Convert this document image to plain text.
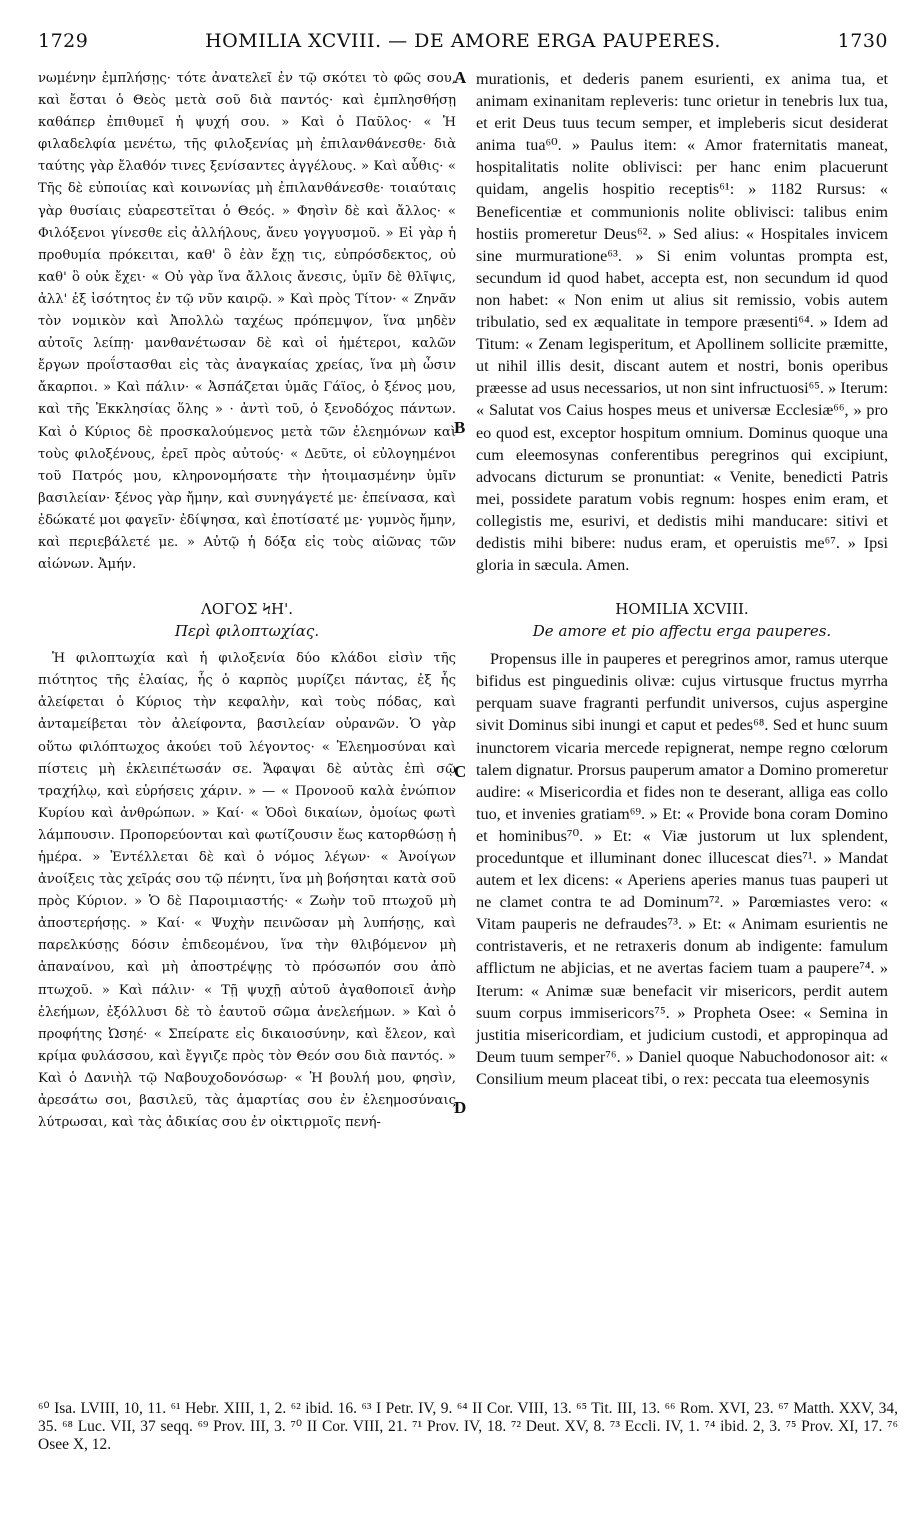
1729	HOMILIA XCVIII. — DE AMORE ERGA PAUPERES.	1730

νωμένην ἐμπλήσῃς· τότε ἀνατελεῖ ἐν τῷ σκότει τὸ φῶς σου, καὶ ἔσται ὁ Θεὸς μετὰ σοῦ διὰ παντός· καὶ ἐμπλησθήσῃ καθάπερ ἐπιθυμεῖ ἡ ψυχή σου. » Καὶ ὁ Παῦλος· « Ἡ φιλαδελφία μενέτω, τῆς φιλοξενίας μὴ ἐπιλανθάνεσθε· διὰ ταύτης γὰρ ἔλαθόν τινες ξενίσαντες ἀγγέλους. » Καὶ αὖθις· « Τῆς δὲ εὐποιίας καὶ κοινωνίας μὴ ἐπιλανθάνεσθε· τοιαύταις γὰρ θυσίαις εὐαρεστεῖται ὁ Θεός. » Φησὶν δὲ καὶ ἄλλος· « Φιλόξενοι γίνεσθε εἰς ἀλλήλους, ἄνευ γογγυσμοῦ. » Εἰ γὰρ ἡ προθυμία πρόκειται, καθ' ὃ ἐὰν ἔχῃ τις, εὐπρόσδεκτος, οὐ καθ' ὃ οὐκ ἔχει· « Οὐ γὰρ ἵνα ἄλλοις ἄνεσις, ὑμῖν δὲ θλῖψις, ἀλλ' ἐξ ἰσότητος ἐν τῷ νῦν καιρῷ. » Καὶ πρὸς Τίτον· « Ζηνᾶν τὸν νομικὸν καὶ Ἀπολλὼ ταχέως πρόπεμψον, ἵνα μηδὲν αὐτοῖς λείπῃ· μανθανέτωσαν δὲ καὶ οἱ ἡμέτεροι, καλῶν ἔργων προΐστασθαι εἰς τὰς ἀναγκαίας χρείας, ἵνα μὴ ὦσιν ἄκαρποι. » Καὶ πάλιν· « Ἀσπάζεται ὑμᾶς Γάϊος, ὁ ξένος μου, καὶ τῆς Ἐκκλησίας ὅλης » · ἀντὶ τοῦ, ὁ ξενοδόχος πάντων. Καὶ ὁ Κύριος δὲ προσκαλούμενος μετὰ τῶν ἐλεημόνων καὶ τοὺς φιλοξένους, ἐρεῖ πρὸς αὐτούς· « Δεῦτε, οἱ εὐλογημένοι τοῦ Πατρός μου, κληρονομήσατε τὴν ἡτοιμασμένην ὑμῖν βασιλείαν· ξένος γὰρ ἤμην, καὶ συνηγάγετέ με· ἐπείνασα, καὶ ἐδώκατέ μοι φαγεῖν· ἐδίψησα, καὶ ἐποτίσατέ με· γυμνὸς ἤμην, καὶ περιεβάλετέ με. » Αὐτῷ ἡ δόξα εἰς τοὺς αἰῶνας τῶν αἰώνων. Ἀμήν.

ΛΟΓΟΣ ϞΗ'.

Περὶ φιλοπτωχίας.

Ἡ φιλοπτωχία καὶ ἡ φιλοξενία δύο κλάδοι εἰσὶν τῆς πιότητος τῆς ἐλαίας, ἧς ὁ καρπὸς μυρίζει πάντας, ἐξ ἧς ἀλείφεται ὁ Κύριος τὴν κεφαλὴν, καὶ τοὺς πόδας, καὶ ἀνταμείβεται τὸν ἀλείφοντα, βασιλείαν οὐρανῶν. Ὁ γὰρ οὕτω φιλόπτωχος ἀκούει τοῦ λέγοντος· « Ἐλεημοσύναι καὶ πίστεις μὴ ἐκλειπέτωσάν σε. Ἄφαψαι δὲ αὐτὰς ἐπὶ σῷ τραχήλῳ, καὶ εὑρήσεις χάριν. » — « Προνοοῦ καλὰ ἐνώπιον Κυρίου καὶ ἀνθρώπων. » Καί· « Ὁδοὶ δικαίων, ὁμοίως φωτὶ λάμπουσιν. Προπορεύονται καὶ φωτίζουσιν ἕως κατορθώσῃ ἡ ἡμέρα. » Ἐντέλλεται δὲ καὶ ὁ νόμος λέγων· « Ἀνοίγων ἀνοίξεις τὰς χεῖράς σου τῷ πένητι, ἵνα μὴ βοήσηται κατὰ σοῦ πρὸς Κύριον. » Ὁ δὲ Παροιμιαστής· « Ζωὴν τοῦ πτωχοῦ μὴ ἀποστερήσῃς. » Καί· « Ψυχὴν πεινῶσαν μὴ λυπήσῃς, καὶ παρελκύσῃς δόσιν ἐπιδεομένου, ἵνα τὴν θλιβόμενον μὴ ἀπαναίνου, καὶ μὴ ἀποστρέψῃς τὸ πρόσωπόν σου ἀπὸ πτωχοῦ. » Καὶ πάλιν· « Τῇ ψυχῇ αὐτοῦ ἀγαθοποιεῖ ἀνὴρ ἐλεήμων, ἐξόλλυσι δὲ τὸ ἑαυτοῦ σῶμα ἀνελεήμων. » Καὶ ὁ προφήτης Ὠσηέ· « Σπείρατε εἰς δικαιοσύνην, καὶ ἔλεον, καὶ κρίμα φυλάσσου, καὶ ἔγγιζε πρὸς τὸν Θεόν σου διὰ παντός. » Καὶ ὁ Δανιὴλ τῷ Ναβουχοδονόσωρ· « Ἡ βουλή μου, φησὶν, ἀρεσάτω σοι, βασιλεῦ, τὰς ἁμαρτίας σου ἐν ἐλεημοσύναις λύτρωσαι, καὶ τὰς ἀδικίας σου ἐν οἰκτιρμοῖς πενή-

A
B
C
D

murationis, et dederis panem esurienti, ex anima tua, et animam exinanitam repleveris: tunc orietur in tenebris lux tua, et erit Deus tuus tecum semper, et impleberis sicut desiderat anima tua⁶⁰. » Paulus item: « Amor fraternitatis maneat, hospitalitatis nolite oblivisci: per hanc enim placuerunt quidam, angelis hospitio receptis⁶¹: » 1182 Rursus: « Beneficentiæ et communionis nolite oblivisci: talibus enim hostiis promeretur Deus⁶². » Sed alius: « Hospitales invicem sine murmuratione⁶³. » Si enim voluntas prompta est, secundum id quod habet, accepta est, non secundum id quod non habet: « Non enim ut alius sit remissio, vobis autem tribulatio, sed ex æqualitate in tempore præsenti⁶⁴. » Idem ad Titum: « Zenam legisperitum, et Apollinem sollicite præmitte, ut nihil illis desit, discant autem et nostri, bonis operibus præesse ad usus necessarios, ut non sint infructuosi⁶⁵. » Iterum: « Salutat vos Caius hospes meus et universæ Ecclesiæ⁶⁶, » pro eo quod est, exceptor hospitum omnium. Dominus quoque una cum eleemosynas conferentibus peregrinos qui excipiunt, advocans dicturum se pronuntiat: « Venite, benedicti Patris mei, possidete paratum vobis regnum: hospes enim eram, et collegistis me, esurivi, et dedistis mihi manducare: sitivi et dedistis mihi bibere: nudus eram, et operuistis me⁶⁷. » Ipsi gloria in sæcula. Amen.

HOMILIA XCVIII.

De amore et pio affectu erga pauperes.

Propensus ille in pauperes et peregrinos amor, ramus uterque bifidus est pinguedinis olivæ: cujus virtusque fructus myrrha perquam suave fragranti perfundit universos, cujus aspergine sivit Dominus sibi inungi et caput et pedes⁶⁸. Sed et hunc suum inunctorem vicaria mercede repignerat, nempe regno cœlorum talem dignatur. Prorsus pauperum amator a Domino promeretur audire: « Misericordia et fides non te deserant, alliga eas collo tuo, et invenies gratiam⁶⁹. » Et: « Provide bona coram Domino et hominibus⁷⁰. » Et: « Viæ justorum ut lux splendent, proceduntque et illuminant donec illucescat dies⁷¹. » Mandat autem et lex dicens: « Aperiens aperies manus tuas pauperi ut ne clamet contra te ad Dominum⁷². » Parœmiastes vero: « Vitam pauperis ne defraudes⁷³. » Et: « Animam esurientis ne contristaveris, et ne retraxeris donum ab indigente: famulum afflictum ne abjicias, et ne avertas faciem tuam a paupere⁷⁴. » Iterum: « Animæ suæ benefacit vir misericors, perdit autem suum corpus immisericors⁷⁵. » Propheta Osee: « Semina in justitia misericordiam, et judicium custodi, et appropinqua ad Deum tuum semper⁷⁶. » Daniel quoque Nabuchodonosor ait: « Consilium meum placeat tibi, o rex: peccata tua eleemosynis

⁶⁰ Isa. LVIII, 10, 11. ⁶¹ Hebr. XIII, 1, 2. ⁶² ibid. 16. ⁶³ I Petr. IV, 9. ⁶⁴ II Cor. VIII, 13. ⁶⁵ Tit. III, 13. ⁶⁶ Rom. XVI, 23. ⁶⁷ Matth. XXV, 34, 35. ⁶⁸ Luc. VII, 37 seqq. ⁶⁹ Prov. III, 3. ⁷⁰ II Cor. VIII, 21. ⁷¹ Prov. IV, 18. ⁷² Deut. XV, 8. ⁷³ Eccli. IV, 1. ⁷⁴ ibid. 2, 3. ⁷⁵ Prov. XI, 17. ⁷⁶ Osee X, 12.
